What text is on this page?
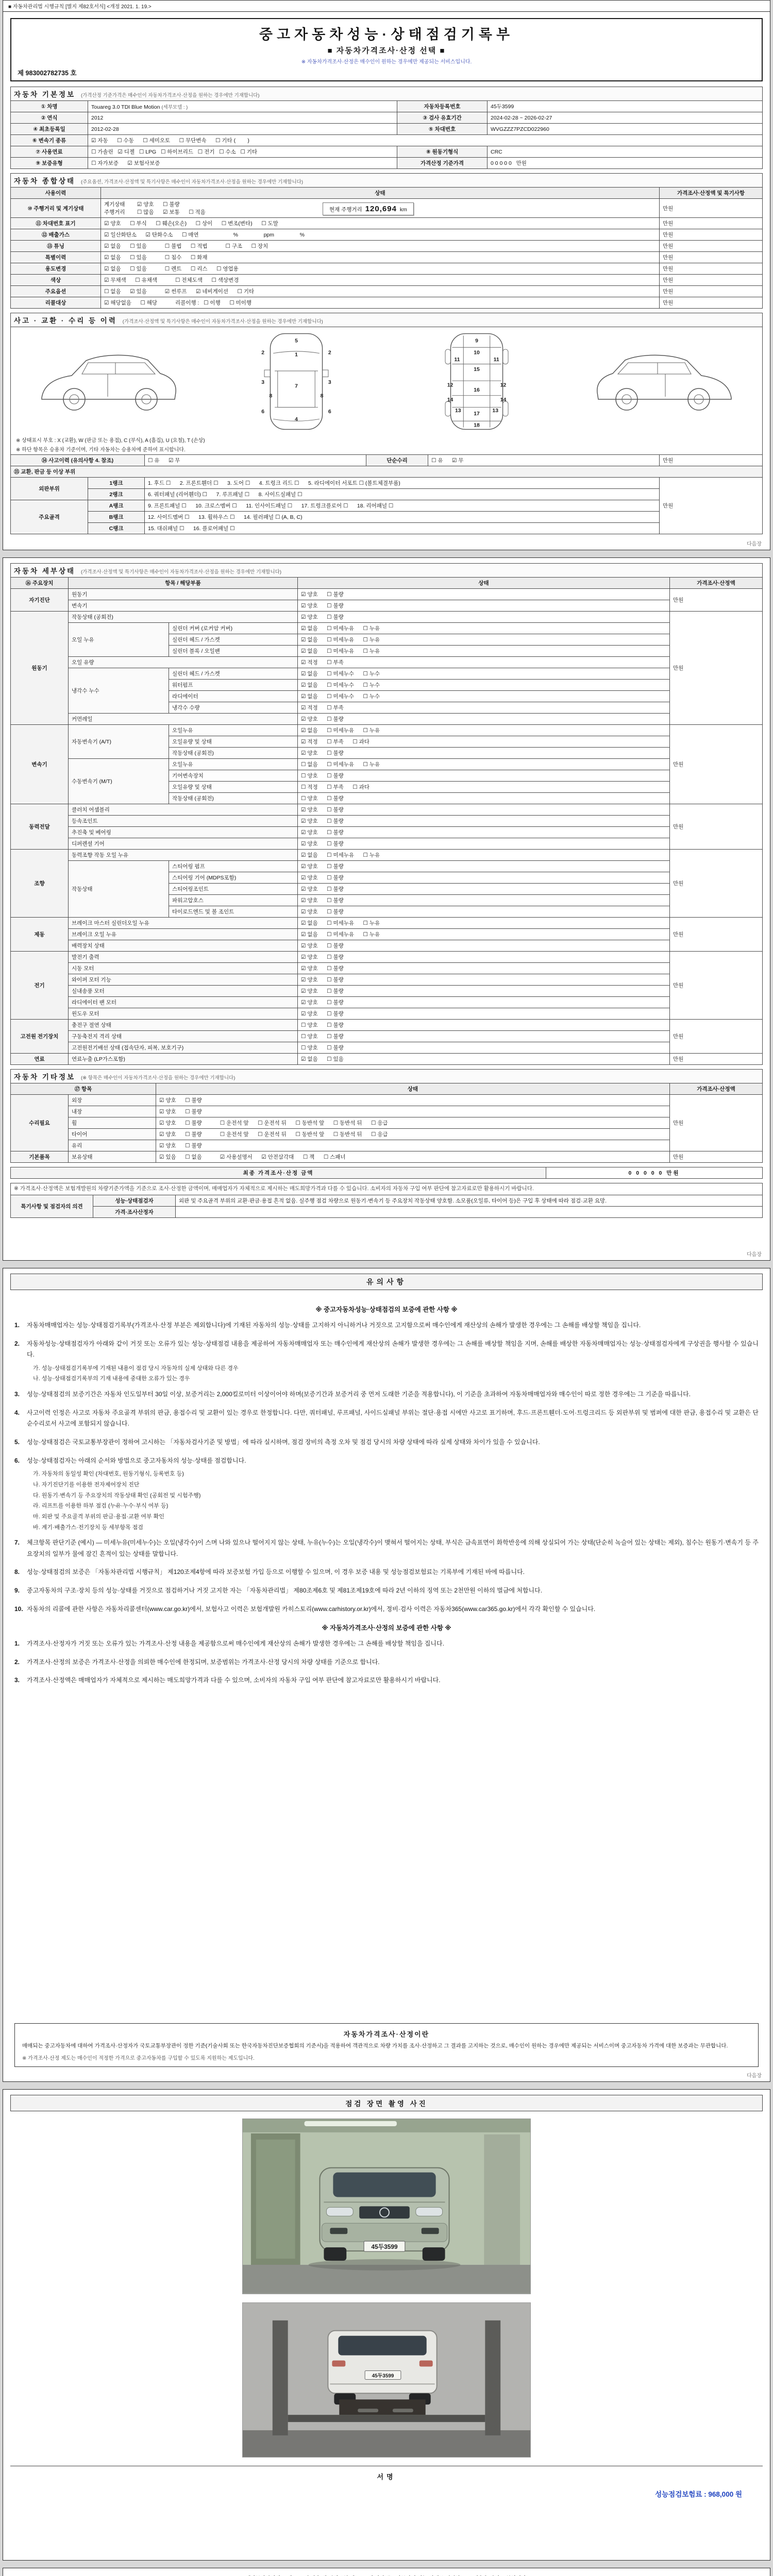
■ 자동차관리법 시행규칙 [별지 제82호서식] <개정 2021. 1. 19.>
중고자동차성능·상태점검기록부
■ 자동차가격조사·산정 선택 ■
※ 자동차가격조사·산정은 매수인이 원하는 경우에만 제공되는 서비스입니다.
제 983002782735 호
자동차 기본정보 (가격산정 기준가격은 매수인이 자동차가격조사·산정을 원하는 경우에만 기재합니다)			
① 차명	Touareg 3.0 TDI Blue Motion (세부모델 : )	자동차등록번호	45두3599
② 연식	2012	③ 검사 유효기간	2024-02-28 ~ 2026-02-27
④ 최초등록일	2012-02-28	⑤ 차대번호	WVGZZZ7PZCD022960
⑥ 변속기 종류	☑ 자동      ☐ 수동      ☐ 세미오토      ☐ 무단변속      ☐ 기타 (        )		
⑦ 사용연료	☐ 가솔린   ☑ 디젤   ☐ LPG   ☐ 하이브리드   ☐ 전기   ☐ 수소   ☐ 기타	⑧ 원동기형식	CRC
⑨ 보증유형	☐ 자가보증      ☑ 보험사보증	가격산정 기준가격	0 0 0 0 0   만원
자동차 종합상태 (주요옵션, 가격조사·산정액 및 특기사항은 매수인이 자동차가격조사·산정을 원하는 경우에만 기재합니다)		
사용이력	상태	가격조사·산정액 및 특기사항
⑩ 주행거리 및 계기상태	계기상태        ☑ 양호      ☐ 불량
주행거리        ☐ 많음      ☑ 보통      ☐ 적음 현재 주행거리 120,694 km	만원
⑪ 차대번호 표기	☑ 양호      ☐ 부식      ☐ 훼손(오손)      ☐ 상이      ☐ 변조(변타)      ☐ 도말	만원
⑫ 배출가스	☑ 일산화탄소      ☑ 탄화수소      ☐ 매연                       %                 ppm                 %	만원
⑬ 튜닝	☑ 없음      ☐ 있음            ☐ 불법      ☐ 적법            ☐ 구조      ☐ 장치	만원
특별이력	☑ 없음      ☐ 있음            ☐ 침수      ☐ 화재	만원
용도변경	☑ 없음      ☐ 있음            ☐ 렌트      ☐ 리스      ☐ 영업용	만원
색상	☑ 무채색      ☐ 유채색            ☐ 전체도색      ☐ 색상변경	만원
주요옵션	☐ 없음      ☑ 있음            ☑ 썬루프      ☑ 네비게이션      ☐ 기타	만원
리콜대상	☑ 해당없음      ☐ 해당            리콜이행 :   ☐ 이행      ☐ 미이행	만원
사고 · 교환 · 수리 등 이력 (가격조사·산정액 및 특기사항은 매수인이 자동차가격조사·산정을 원하는 경우에만 기재합니다)					

5
1
2	2
3	3
7
8	8
6	6
4
9
10
11	11
15
12	12
16
14	14
13	13
17
18
※ 상태표시 부호 : X (교환), W (판금 또는 용접), C (부식), A (흠집), U (요철), T (손상)
※ 하단 항목은 승용차 기준이며, 기타 자동차는 승용차에 준하여 표시합니다.

⑭ 사고이력 (유의사항 4. 참조)		☐ 유      ☑ 무	단순수리	☐ 유      ☑ 무	만원
⑮ 교환, 판금 등 이상 부위					
외판부위	1랭크	1. 후드 ☐      2. 프론트휀더 ☐      3. 도어 ☐      4. 트렁크 리드 ☐      5. 라디에이터 서포트 ☐ (볼트체결부품)			만원
	2랭크	6. 쿼터패널 (리어휀더) ☐      7. 루프패널 ☐      8. 사이드실패널 ☐			
주요골격	A랭크	9. 프론트패널 ☐      10. 크로스멤버 ☐      11. 인사이드패널 ☐      17. 트렁크플로어 ☐      18. 리어패널 ☐			
	B랭크	12. 사이드멤버 ☐      13. 휠하우스 ☐      14. 필러패널 ☐ (A, B, C)			
	C랭크	15. 대쉬패널 ☐      16. 플로어패널 ☐			
다음장
자동차 세부상태 (가격조사·산정액 및 특기사항은 매수인이 자동차가격조사·산정을 원하는 경우에만 기재합니다)				
⑯ 주요장치	항목 / 해당부품		상태	가격조사·산정액
자기진단	원동기		☑ 양호      ☐ 불량	만원
	변속기		☑ 양호      ☐ 불량	
원동기	작동상태 (공회전)		☑ 양호      ☐ 불량	만원
	오일 누유	실린더 커버 (로커암 커버)	☑ 없음      ☐ 미세누유      ☐ 누유	
		실린더 헤드 / 가스켓	☑ 없음      ☐ 미세누유      ☐ 누유	
		실린더 블록 / 오일팬	☑ 없음      ☐ 미세누유      ☐ 누유	
	오일 유량		☑ 적정      ☐ 부족	
	냉각수 누수	실린더 헤드 / 가스켓	☑ 없음      ☐ 미세누수      ☐ 누수	
		워터펌프	☑ 없음      ☐ 미세누수      ☐ 누수	
		라디에이터	☑ 없음      ☐ 미세누수      ☐ 누수	
		냉각수 수량	☑ 적정      ☐ 부족	
	커먼레일		☑ 양호      ☐ 불량	
변속기	자동변속기 (A/T)	오일누유	☑ 없음      ☐ 미세누유      ☐ 누유	만원
		오일유량 및 상태	☑ 적정      ☐ 부족      ☐ 과다	
		작동상태 (공회전)	☑ 양호      ☐ 불량	
	수동변속기 (M/T)	오일누유	☐ 없음      ☐ 미세누유      ☐ 누유	
		기어변속장치	☐ 양호      ☐ 불량	
		오일유량 및 상태	☐ 적정      ☐ 부족      ☐ 과다	
		작동상태 (공회전)	☐ 양호      ☐ 불량	
동력전달	클러치 어셈블리		☑ 양호      ☐ 불량	만원
	등속조인트		☑ 양호      ☐ 불량	
	추진축 및 베어링		☑ 양호      ☐ 불량	
	디퍼렌셜 기어		☑ 양호      ☐ 불량	
조향	동력조향 작동 오일 누유		☑ 없음      ☐ 미세누유      ☐ 누유	만원
	작동상태	스티어링 펌프	☑ 양호      ☐ 불량	
		스티어링 기어 (MDPS포함)	☑ 양호      ☐ 불량	
		스티어링조인트	☑ 양호      ☐ 불량	
		파워고압호스	☑ 양호      ☐ 불량	
		타이로드엔드 및 볼 조인트	☑ 양호      ☐ 불량	
제동	브레이크 마스터 실린더오일 누유		☑ 없음      ☐ 미세누유      ☐ 누유	만원
	브레이크 오일 누유		☑ 없음      ☐ 미세누유      ☐ 누유	
	배력장치 상태		☑ 양호      ☐ 불량	
전기	발전기 출력		☑ 양호      ☐ 불량	만원
	시동 모터		☑ 양호      ☐ 불량	
	와이퍼 모터 기능		☑ 양호      ☐ 불량	
	실내송풍 모터		☑ 양호      ☐ 불량	
	라디에이터 팬 모터		☑ 양호      ☐ 불량	
	윈도우 모터		☑ 양호      ☐ 불량	
고전원 전기장치	충전구 절연 상태		☐ 양호      ☐ 불량	만원
	구동축전지 격리 상태		☐ 양호      ☐ 불량	
	고전원전기배선 상태 (접속단자, 피복, 보호기구)		☐ 양호      ☐ 불량	
연료	연료누출 (LP가스포함)		☑ 없음      ☐ 있음	만원
자동차 기타정보 (※ 항목은 매수인이 자동차가격조사·산정을 원하는 경우에만 기재합니다)			
⑰ 항목		상태	가격조사·산정액
수리필요	외장	☑ 양호      ☐ 불량	만원
	내장	☑ 양호      ☐ 불량	
	휠	☑ 양호      ☐ 불량            ☐ 운전석 앞      ☐ 운전석 뒤      ☐ 동반석 앞      ☐ 동반석 뒤      ☐ 응급	
	타이어	☑ 양호      ☐ 불량            ☐ 운전석 앞      ☐ 운전석 뒤      ☐ 동반석 앞      ☐ 동반석 뒤      ☐ 응급	
	유리	☑ 양호      ☐ 불량	
기본품목	보유상태	☑ 있음      ☐ 없음            ☑ 사용설명서      ☑ 안전삼각대      ☐ 잭      ☐ 스패너	만원
최종 가격조사·산정 금액	0 0 0 0 0 만원
※ 가격조사·산정액은 보험개발원의 차량기준가액을 기준으로 조사·산정한 금액이며, 매매업자가 자체적으로 제시하는 매도희망가격과 다를 수 있습니다. 소비자의 자동차 구입 여부 판단에 참고자료로만 활용하시기 바랍니다.		
특기사항 및 점검자의 의견	성능·상태점검자	외판 및 주요골격 부위의 교환·판금·용접 흔적 없음. 실주행 점검 차량으로 원동기·변속기 등 주요장치 작동상태 양호함. 소모품(오일류, 타이어 등)은 구입 후 상태에 따라 점검·교환 요망.
	가격·조사산정자	
다음장
유의사항
※ 중고자동차성능·상태점검의 보증에 관한 사항 ※
1.	자동차매매업자는 성능·상태점검기록부(가격조사·산정 부분은 제외합니다)에 기재된 자동차의 성능·상태를 고지하지 아니하거나 거짓으로 고지함으로써 매수인에게 재산상의 손해가 발생한 경우에는 그 손해를 배상할 책임을 집니다.
2.	자동차성능·상태점검자가 아래와 같이 거짓 또는 오류가 있는 성능·상태점검 내용을 제공하여 자동차매매업자 또는 매수인에게 재산상의 손해가 발생한 경우에는 그 손해를 배상할 책임을 지며, 손해를 배상한 자동차매매업자는 성능·상태점검자에게 구상권을 행사할 수 있습니다.
가. 성능·상태점검기록부에 기재된 내용이 점검 당시 자동차의 실제 상태와 다른 경우
나. 성능·상태점검기록부의 기재 내용에 중대한 오류가 있는 경우
3.	성능·상태점검의 보증기간은 자동차 인도일부터 30일 이상, 보증거리는 2,000킬로미터 이상이어야 하며(보증기간과 보증거리 중 먼저 도래한 기준을 적용합니다), 이 기준을 초과하여 자동차매매업자와 매수인이 따로 정한 경우에는 그 기준을 따릅니다.
4.	사고이력 인정은 사고로 자동차 주요골격 부위의 판금, 용접수리 및 교환이 있는 경우로 한정합니다. 다만, 쿼터패널, 루프패널, 사이드실패널 부위는 절단·용접 시에만 사고로 표기하며, 후드·프론트휀더·도어·트렁크리드 등 외판부위 및 범퍼에 대한 판금, 용접수리 및 교환은 단순수리로서 사고에 포함되지 않습니다.
5.	성능·상태점검은 국토교통부장관이 정하여 고시하는 「자동차검사기준 및 방법」에 따라 실시하며, 점검 장비의 측정 오차 및 점검 당시의 차량 상태에 따라 실제 상태와 차이가 있을 수 있습니다.
6.	성능·상태점검자는 아래의 순서와 방법으로 중고자동차의 성능·상태를 점검합니다.
가. 자동차의 동일성 확인 (차대번호, 원동기형식, 등록번호 등)
나. 자기진단기를 이용한 전자제어장치 진단
다. 원동기·변속기 등 주요장치의 작동상태 확인 (공회전 및 시험주행)
라. 리프트를 이용한 하부 점검 (누유·누수·부식 여부 등)
마. 외판 및 주요골격 부위의 판금·용접·교환 여부 확인
바. 계기·배출가스·전기장치 등 세부항목 점검
7.	체크항목 판단기준 (예시) — 미세누유(미세누수)는 오일(냉각수)이 스며 나와 있으나 떨어지지 않는 상태, 누유(누수)는 오일(냉각수)이 맺혀서 떨어지는 상태, 부식은 금속표면이 화학반응에 의해 상실되어 가는 상태(단순히 녹슬어 있는 상태는 제외), 침수는 원동기·변속기 등 주요장치의 일부가 물에 잠긴 흔적이 있는 상태를 말합니다.
8.	성능·상태점검의 보증은 「자동차관리법 시행규칙」 제120조제4항에 따라 보증보험 가입 등으로 이행할 수 있으며, 이 경우 보증 내용 및 성능점검보험료는 기록부에 기재된 바에 따릅니다.
9.	중고자동차의 구조·장치 등의 성능·상태를 거짓으로 점검하거나 거짓 고지한 자는 「자동차관리법」 제80조제6호 및 제81조제19호에 따라 2년 이하의 징역 또는 2천만원 이하의 벌금에 처합니다.
10. 자동차의 리콜에 관한 사항은 자동차리콜센터(www.car.go.kr)에서, 보험사고 이력은 보험개발원 카히스토리(www.carhistory.or.kr)에서, 정비·검사 이력은 자동차365(www.car365.go.kr)에서 각각 확인할 수 있습니다.
※ 자동차가격조사·산정의 보증에 관한 사항 ※
1.	가격조사·산정자가 거짓 또는 오류가 있는 가격조사·산정 내용을 제공함으로써 매수인에게 재산상의 손해가 발생한 경우에는 그 손해를 배상할 책임을 집니다.
2.	가격조사·산정의 보증은 가격조사·산정을 의뢰한 매수인에 한정되며, 보증범위는 가격조사·산정 당시의 차량 상태를 기준으로 합니다.
3.	가격조사·산정액은 매매업자가 자체적으로 제시하는 매도희망가격과 다를 수 있으며, 소비자의 자동차 구입 여부 판단에 참고자료로만 활용하시기 바랍니다.
자동차가격조사·산정이란

매매되는 중고자동차에 대하여 가격조사·산정자가 국토교통부장관이 정한 기준(기술사회 또는 한국자동차진단보증협회의 기준서)을 적용하여 객관적으로 차량 가치를 조사·산정하고 그 결과를 고지하는 것으로, 매수인이 원하는 경우에만 제공되는 서비스이며 중고자동차 가격에 대한 보증과는 무관합니다.

※ 가격조사·산정 제도는 매수인이 적정한 가격으로 중고자동차를 구입할 수 있도록 지원하는 제도입니다.

다음장
점검 장면 촬영 사진
45두3599
45두3599
서명
성능점검보험료 : 968,000 원
